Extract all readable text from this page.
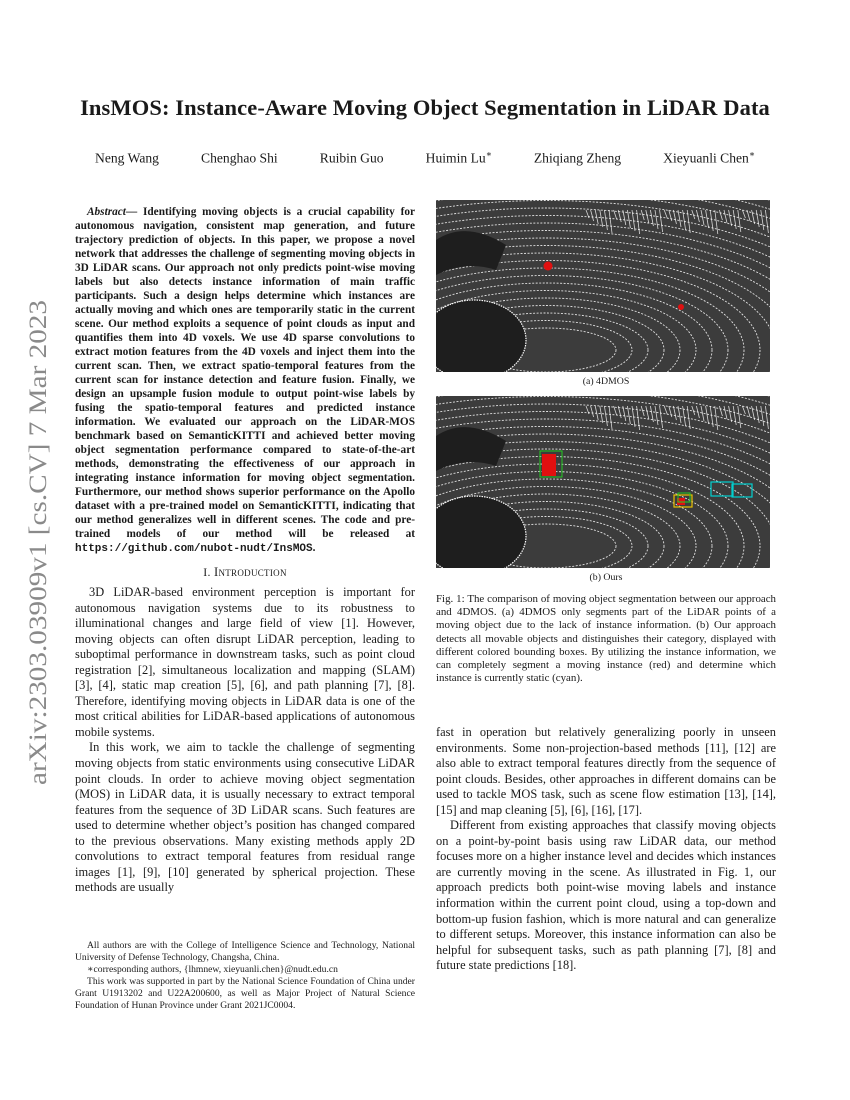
arXiv:2303.03909v1 [cs.CV] 7 Mar 2023
InsMOS: Instance-Aware Moving Object Segmentation in LiDAR Data
Neng Wang	Chenghao Shi	Ruibin Guo	Huimin Lu∗	Zhiqiang Zheng	Xieyuanli Chen∗

Abstract— Identifying moving objects is a crucial capability for autonomous navigation, consistent map generation, and future trajectory prediction of objects. In this paper, we propose a novel network that addresses the challenge of segmenting moving objects in 3D LiDAR scans. Our approach not only predicts point-wise moving labels but also detects instance information of main traffic participants. Such a design helps determine which instances are actually moving and which ones are temporarily static in the current scene. Our method exploits a sequence of point clouds as input and quantifies them into 4D voxels. We use 4D sparse convolutions to extract motion features from the 4D voxels and inject them into the current scan. Then, we extract spatio-temporal features from the current scan for instance detection and feature fusion. Finally, we design an upsample fusion module to output point-wise labels by fusing the spatio-temporal features and predicted instance information. We evaluated our approach on the LiDAR-MOS benchmark based on SemanticKITTI and achieved better moving object segmentation performance compared to state-of-the-art methods, demonstrating the effectiveness of our approach in integrating instance information for moving object segmentation. Furthermore, our method shows superior performance on the Apollo dataset with a pre-trained model on SemanticKITTI, indicating that our method generalizes well in different scenes. The code and pre-trained models of our method will be released at https://github.com/nubot-nudt/InsMOS.

I. Introduction

3D LiDAR-based environment perception is important for autonomous navigation systems due to its robustness to illuminational changes and large field of view [1]. However, moving objects can often disrupt LiDAR perception, leading to suboptimal performance in downstream tasks, such as point cloud registration [2], simultaneous localization and mapping (SLAM) [3], [4], static map creation [5], [6], and path planning [7], [8]. Therefore, identifying moving objects in LiDAR data is one of the most critical abilities for LiDAR-based applications of autonomous mobile systems.

In this work, we aim to tackle the challenge of segmenting moving objects from static environments using consecutive LiDAR point clouds. In order to achieve moving object segmentation (MOS) in LiDAR data, it is usually necessary to extract temporal features from the sequence of 3D LiDAR scans. Such features are used to determine whether object’s position has changed compared to the previous observations. Many existing methods apply 2D convolutions to extract temporal features from residual range images [1], [9], [10] generated by spherical projection. These methods are usually

All authors are with the College of Intelligence Science and Technology, National University of Defense Technology, Changsha, China.

∗corresponding authors, {lhmnew, xieyuanli.chen}@nudt.edu.cn

This work was supported in part by the National Science Foundation of China under Grant U1913202 and U22A200600, as well as Major Project of Natural Science Foundation of Hunan Province under Grant 2021JC0004.

(a) 4DMOS
(b) Ours

Fig. 1: The comparison of moving object segmentation between our approach and 4DMOS. (a) 4DMOS only segments part of the LiDAR points of a moving object due to the lack of instance information. (b) Our approach detects all movable objects and distinguishes their category, displayed with different colored bounding boxes. By utilizing the instance information, we can completely segment a moving instance (red) and determine which instance is currently static (cyan).

fast in operation but relatively generalizing poorly in unseen environments. Some non-projection-based methods [11], [12] are also able to extract temporal features directly from the sequence of point clouds. Besides, other approaches in different domains can be used to tackle MOS task, such as scene flow estimation [13], [14], [15] and map cleaning [5], [6], [16], [17].

Different from existing approaches that classify moving objects on a point-by-point basis using raw LiDAR data, our method focuses more on a higher instance level and decides which instances are currently moving in the scene. As illustrated in Fig. 1, our approach predicts both point-wise moving labels and instance information within the current point cloud, using a top-down and bottom-up fusion fashion, which is more natural and can generalize to different setups. Moreover, this instance information can also be helpful for subsequent tasks, such as path planning [7], [8] and future state predictions [18].
